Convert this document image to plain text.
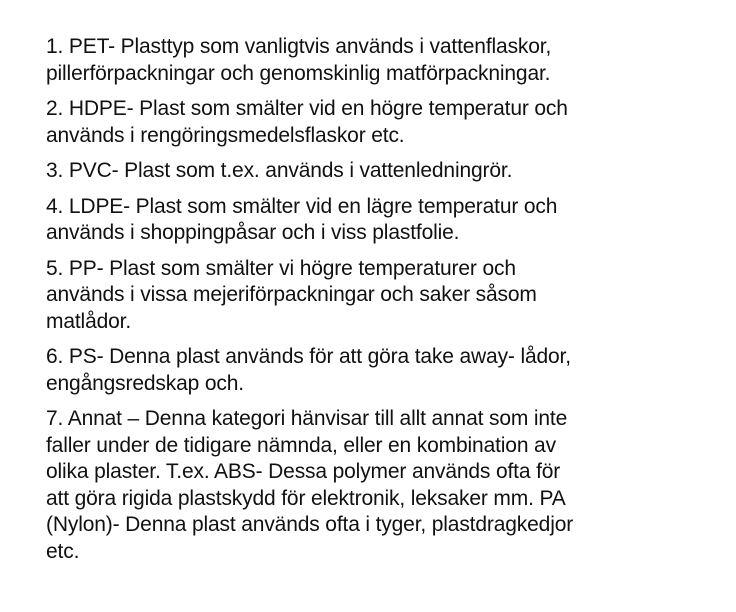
1. PET- Plasttyp som vanligtvis används i vattenflaskor,
pillerförpackningar och genomskinlig matförpackningar.
2. HDPE- Plast som smälter vid en högre temperatur och
används i rengöringsmedelsflaskor etc.
3. PVC- Plast som t.ex. används i vattenledningrör.
4. LDPE- Plast som smälter vid en lägre temperatur och
används i shoppingpåsar och i viss plastfolie.
5. PP- Plast som smälter vi högre temperaturer och
används i vissa mejeriförpackningar och saker såsom
matlådor.
6. PS- Denna plast används för att göra take away- lådor,
engångsredskap och.
7. Annat – Denna kategori hänvisar till allt annat som inte
faller under de tidigare nämnda, eller en kombination av
olika plaster. T.ex. ABS- Dessa polymer används ofta för
att göra rigida plastskydd för elektronik, leksaker mm. PA
(Nylon)- Denna plast används ofta i tyger, plastdragkedjor
etc.
